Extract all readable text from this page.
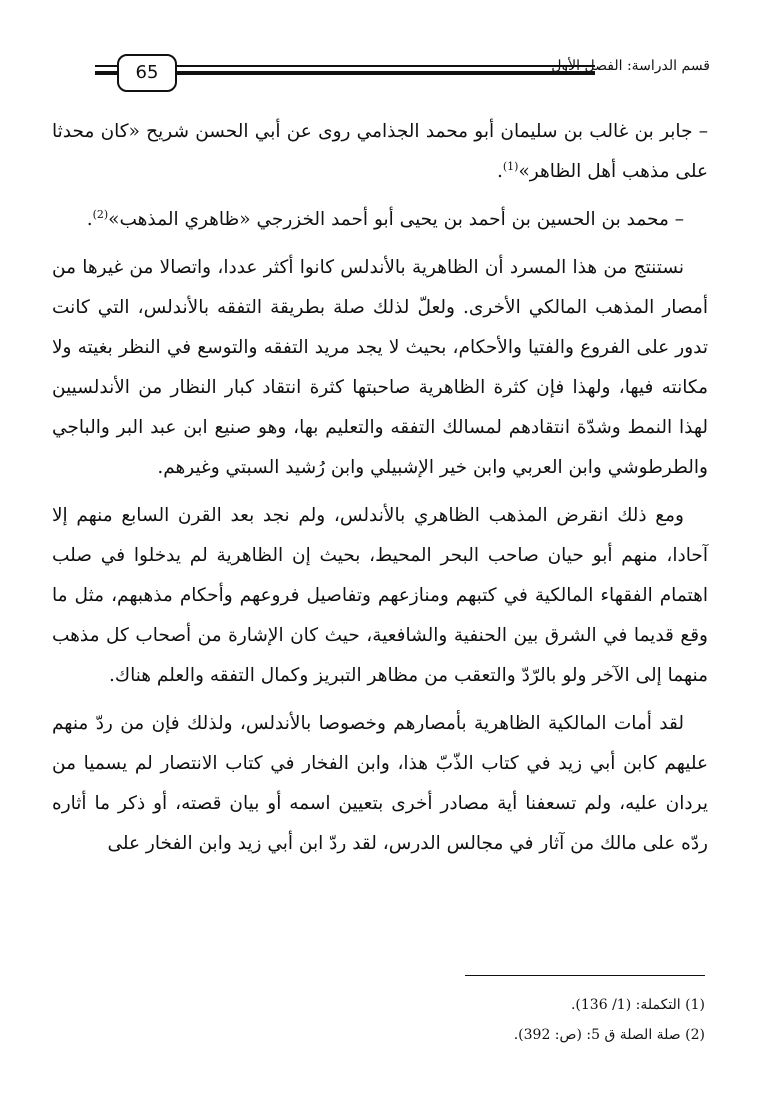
65	قسم الدراسة: الفصل الأول

– جابر بن غالب بن سليمان أبو محمد الجذامي روى عن أبي الحسن شريح «كان محدثا على مذهب أهل الظاهر»$^{(1)}$.

– محمد بن الحسين بن أحمد بن يحيى أبو أحمد الخزرجي «ظاهري المذهب»$^{(2)}$.

نستنتج من هذا المسرد أن الظاهرية بالأندلس كانوا أكثر عددا، واتصالا من غيرها من أمصار المذهب المالكي الأخرى. ولعلّ لذلك صلة بطريقة التفقه بالأندلس، التي كانت تدور على الفروع والفتيا والأحكام، بحيث لا يجد مريد التفقه والتوسع في النظر بغيته ولا مكانته فيها، ولهذا فإن كثرة الظاهرية صاحبتها كثرة انتقاد كبار النظار من الأندلسيين لهذا النمط وشدّة انتقادهم لمسالك التفقه والتعليم بها، وهو صنيع ابن عبد البر والباجي والطرطوشي وابن العربي وابن خير الإشبيلي وابن رُشيد السبتي وغيرهم.

ومع ذلك انقرض المذهب الظاهري بالأندلس، ولم نجد بعد القرن السابع منهم إلا آحادا، منهم أبو حيان صاحب البحر المحيط، بحيث إن الظاهرية لم يدخلوا في صلب اهتمام الفقهاء المالكية في كتبهم ومنازعهم وتفاصيل فروعهم وأحكام مذهبهم، مثل ما وقع قديما في الشرق بين الحنفية والشافعية، حيث كان الإشارة من أصحاب كل مذهب منهما إلى الآخر ولو بالرّدّ والتعقب من مظاهر التبريز وكمال التفقه والعلم هناك.

لقد أمات المالكية الظاهرية بأمصارهم وخصوصا بالأندلس، ولذلك فإن من ردّ منهم عليهم كابن أبي زيد في كتاب الذّبّ هذا، وابن الفخار في كتاب الانتصار لم يسميا من يردان عليه، ولم تسعفنا أية مصادر أخرى بتعيين اسمه أو بيان قصته، أو ذكر ما أثاره ردّه على مالك من آثار في مجالس الدرس، لقد ردّ ابن أبي زيد وابن الفخار على

(1) التكملة: (1/ 136).
(2) صلة الصلة ق 5: (ص: 392).
